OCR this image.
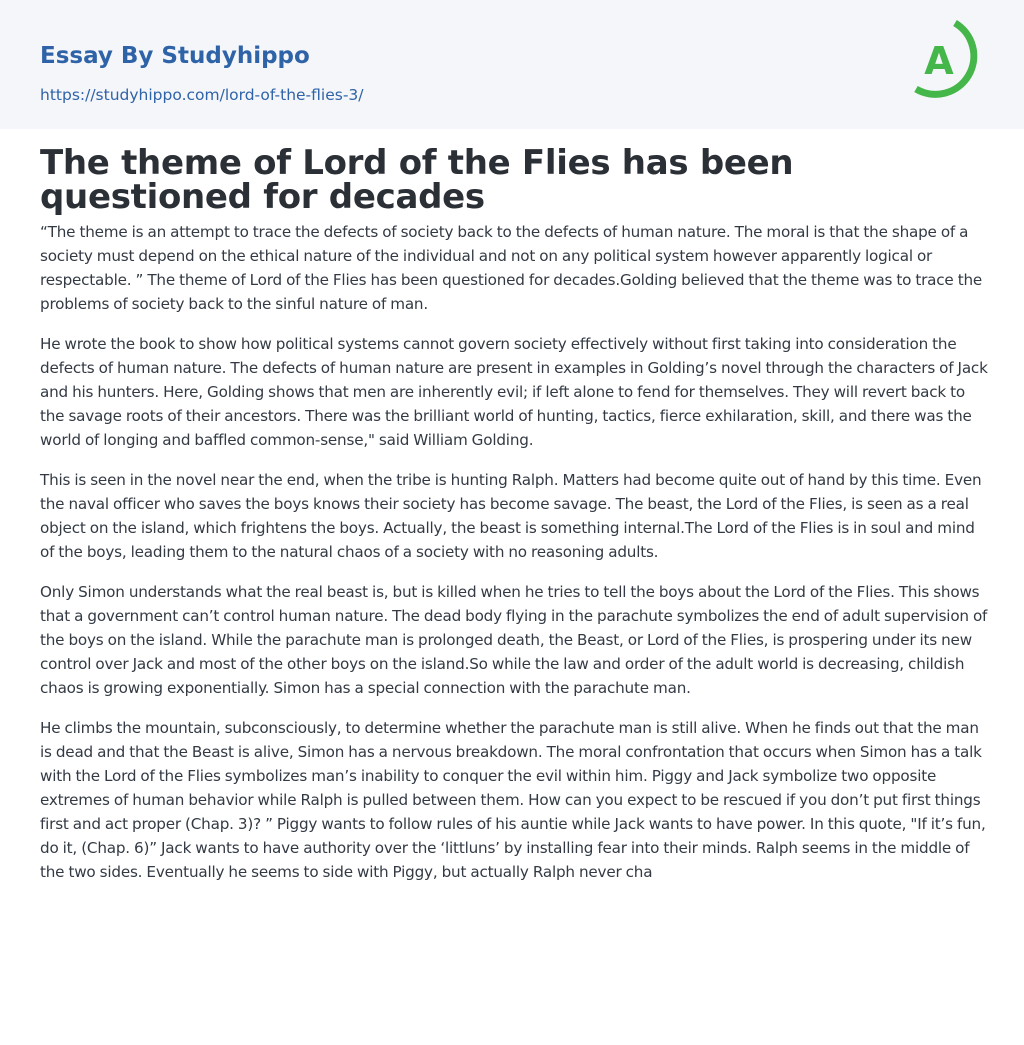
Essay By Studyhippo
https://studyhippo.com/lord-of-the-flies-3/
A
The theme of Lord of the Flies has been questioned for decades

“The theme is an attempt to trace the defects of society back to the defects of human nature. The moral is that the shape of a society must depend on the ethical nature of the individual and not on any political system however apparently logical or respectable. ” The theme of Lord of the Flies has been questioned for decades.Golding believed that the theme was to trace the problems of society back to the sinful nature of man.

He wrote the book to show how political systems cannot govern society effectively without first taking into consideration the defects of human nature. The defects of human nature are present in examples in Golding’s novel through the characters of Jack and his hunters. Here, Golding shows that men are inherently evil; if left alone to fend for themselves. They will revert back to the savage roots of their ancestors. There was the brilliant world of hunting, tactics, fierce exhilaration, skill, and there was the world of longing and baffled common-sense," said William Golding.

This is seen in the novel near the end, when the tribe is hunting Ralph. Matters had become quite out of hand by this time. Even the naval officer who saves the boys knows their society has become savage. The beast, the Lord of the Flies, is seen as a real object on the island, which frightens the boys. Actually, the beast is something internal.The Lord of the Flies is in soul and mind of the boys, leading them to the natural chaos of a society with no reasoning adults.

Only Simon understands what the real beast is, but is killed when he tries to tell the boys about the Lord of the Flies. This shows that a government can’t control human nature. The dead body flying in the parachute symbolizes the end of adult supervision of the boys on the island. While the parachute man is prolonged death, the Beast, or Lord of the Flies, is prospering under its new control over Jack and most of the other boys on the island.So while the law and order of the adult world is decreasing, childish chaos is growing exponentially. Simon has a special connection with the parachute man.

He climbs the mountain, subconsciously, to determine whether the parachute man is still alive. When he finds out that the man is dead and that the Beast is alive, Simon has a nervous breakdown. The moral confrontation that occurs when Simon has a talk with the Lord of the Flies symbolizes man’s inability to conquer the evil within him. Piggy and Jack symbolize two opposite extremes of human behavior while Ralph is pulled between them. How can you expect to be rescued if you don’t put first things first and act proper (Chap. 3)? ” Piggy wants to follow rules of his auntie while Jack wants to have power. In this quote, "If it’s fun, do it, (Chap. 6)” Jack wants to have authority over the ‘littluns’ by installing fear into their minds. Ralph seems in the middle of the two sides. Eventually he seems to side with Piggy, but actually Ralph never cha
